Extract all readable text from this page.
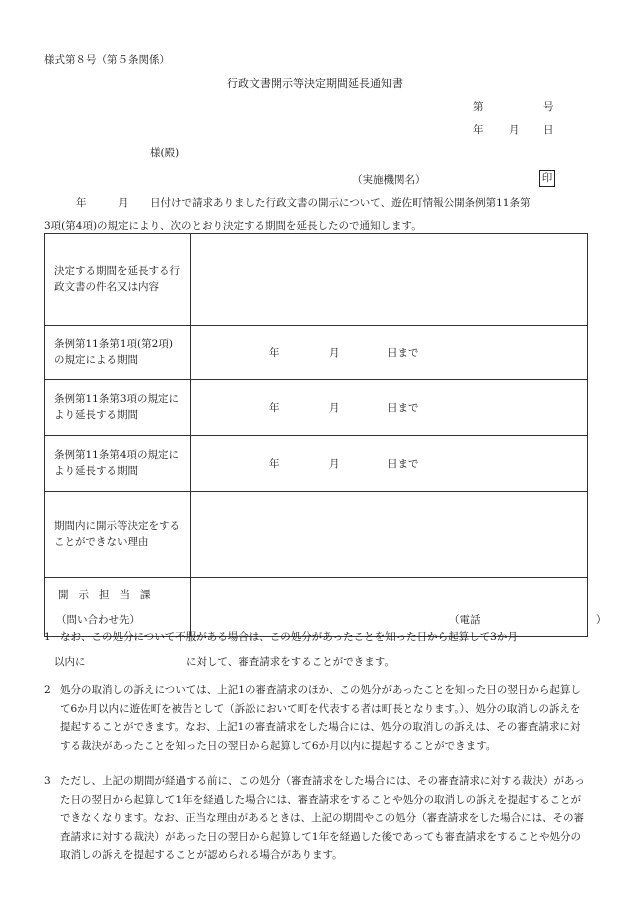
様式第８号（第５条関係）
行政文書開示等決定期間延長通知書
第	号
年 月 日
様(殿)
（実施機関名）	印
年	月 日付けで請求ありました行政文書の開示について、遊佐町情報公開条例第11条第
3項(第4項)の規定により、次のとおり決定する期間を延長したので通知します。
決定する期間を延長する行政文書の件名又は内容	
条例第11条第1項(第2項)の規定による期間	年 月 日まで

条例第11条第3項の規定により延長する期間	年 月 日まで

条例第11条第4項の規定により延長する期間	年 月 日まで

期間内に開示等決定をすることができない理由	

開示担当課
（問い合わせ先）	（電話 ）
1 なお、この処分について不服がある場合は、この処分があったことを知った日から起算して3か月
以内に	に対して、審査請求をすることができます。
2 処分の取消しの訴えについては、上記1の審査請求のほか、この処分があったことを知った日の翌日から起算して6か月以内に遊佐町を被告として（訴訟において町を代表する者は町長となります。）、処分の取消しの訴えを提起することができます。なお、上記1の審査請求をした場合には、処分の取消しの訴えは、その審査請求に対する裁決があったことを知った日の翌日から起算して6か月以内に提起することができます。
3 ただし、上記の期間が経過する前に、この処分（審査請求をした場合には、その審査請求に対する裁決）があった日の翌日から起算して1年を経過した場合には、審査請求をすることや処分の取消しの訴えを提起することができなくなります。なお、正当な理由があるときは、上記の期間やこの処分（審査請求をした場合には、その審査請求に対する裁決）があった日の翌日から起算して1年を経過した後であっても審査請求をすることや処分の取消しの訴えを提起することが認められる場合があります。
